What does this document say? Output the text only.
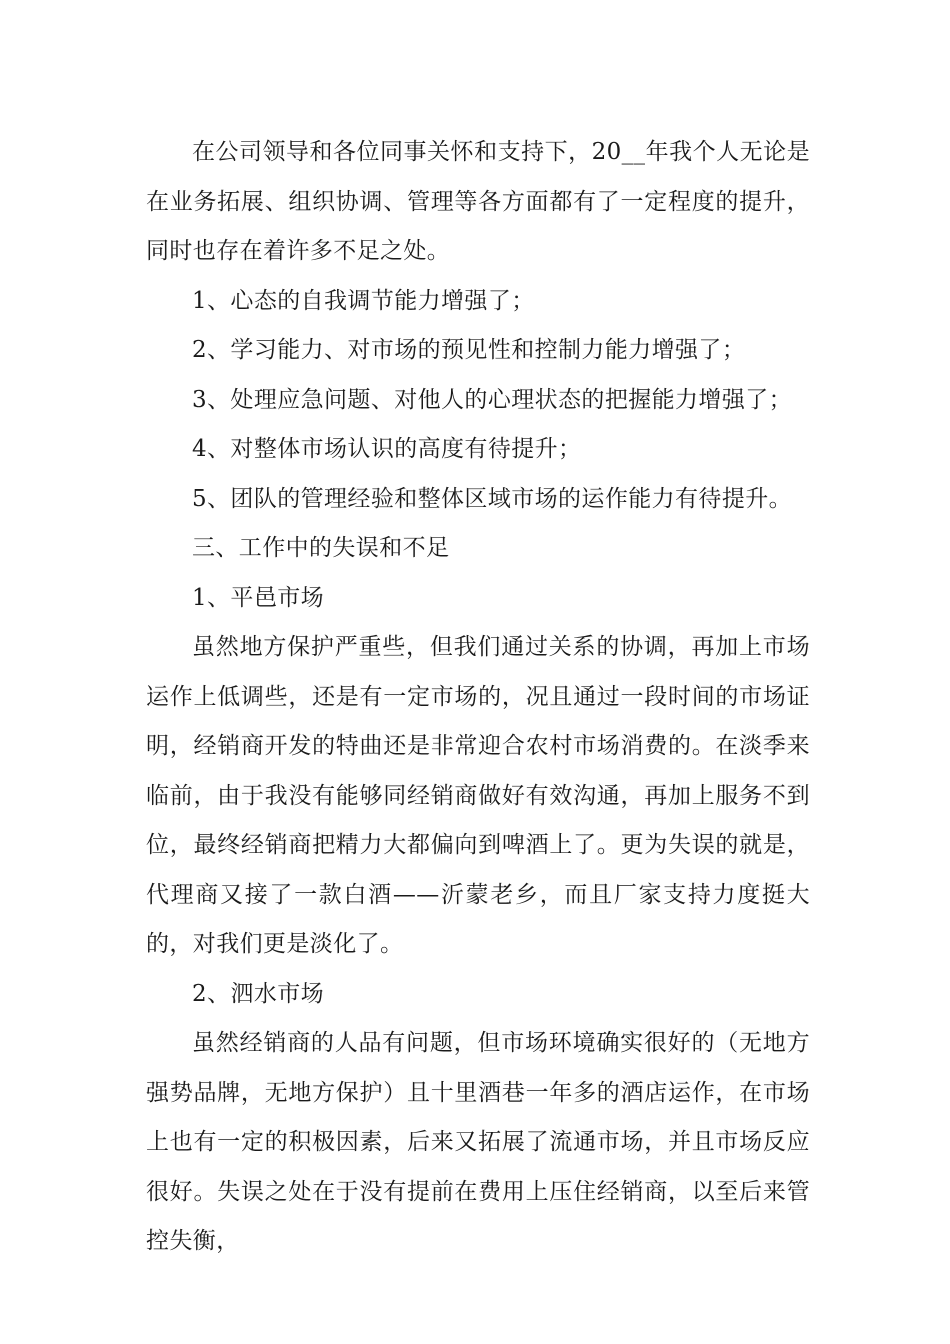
在公司领导和各位同事关怀和支持下，20__年我个人无论是在业务拓展、组织协调、管理等各方面都有了一定程度的提升，同时也存在着许多不足之处。

1、心态的自我调节能力增强了；

2、学习能力、对市场的预见性和控制力能力增强了；

3、处理应急问题、对他人的心理状态的把握能力增强了；

4、对整体市场认识的高度有待提升；

5、团队的管理经验和整体区域市场的运作能力有待提升。

三、工作中的失误和不足

1、平邑市场

虽然地方保护严重些，但我们通过关系的协调，再加上市场运作上低调些，还是有一定市场的，况且通过一段时间的市场证明，经销商开发的特曲还是非常迎合农村市场消费的。在淡季来临前，由于我没有能够同经销商做好有效沟通，再加上服务不到位，最终经销商把精力大都偏向到啤酒上了。更为失误的就是，代理商又接了一款白酒——沂蒙老乡，而且厂家支持力度挺大的，对我们更是淡化了。

2、泗水市场

虽然经销商的人品有问题，但市场环境确实很好的（无地方强势品牌，无地方保护）且十里酒巷一年多的酒店运作，在市场上也有一定的积极因素，后来又拓展了流通市场，并且市场反应很好。失误之处在于没有提前在费用上压住经销商，以至后来管控失衡，
